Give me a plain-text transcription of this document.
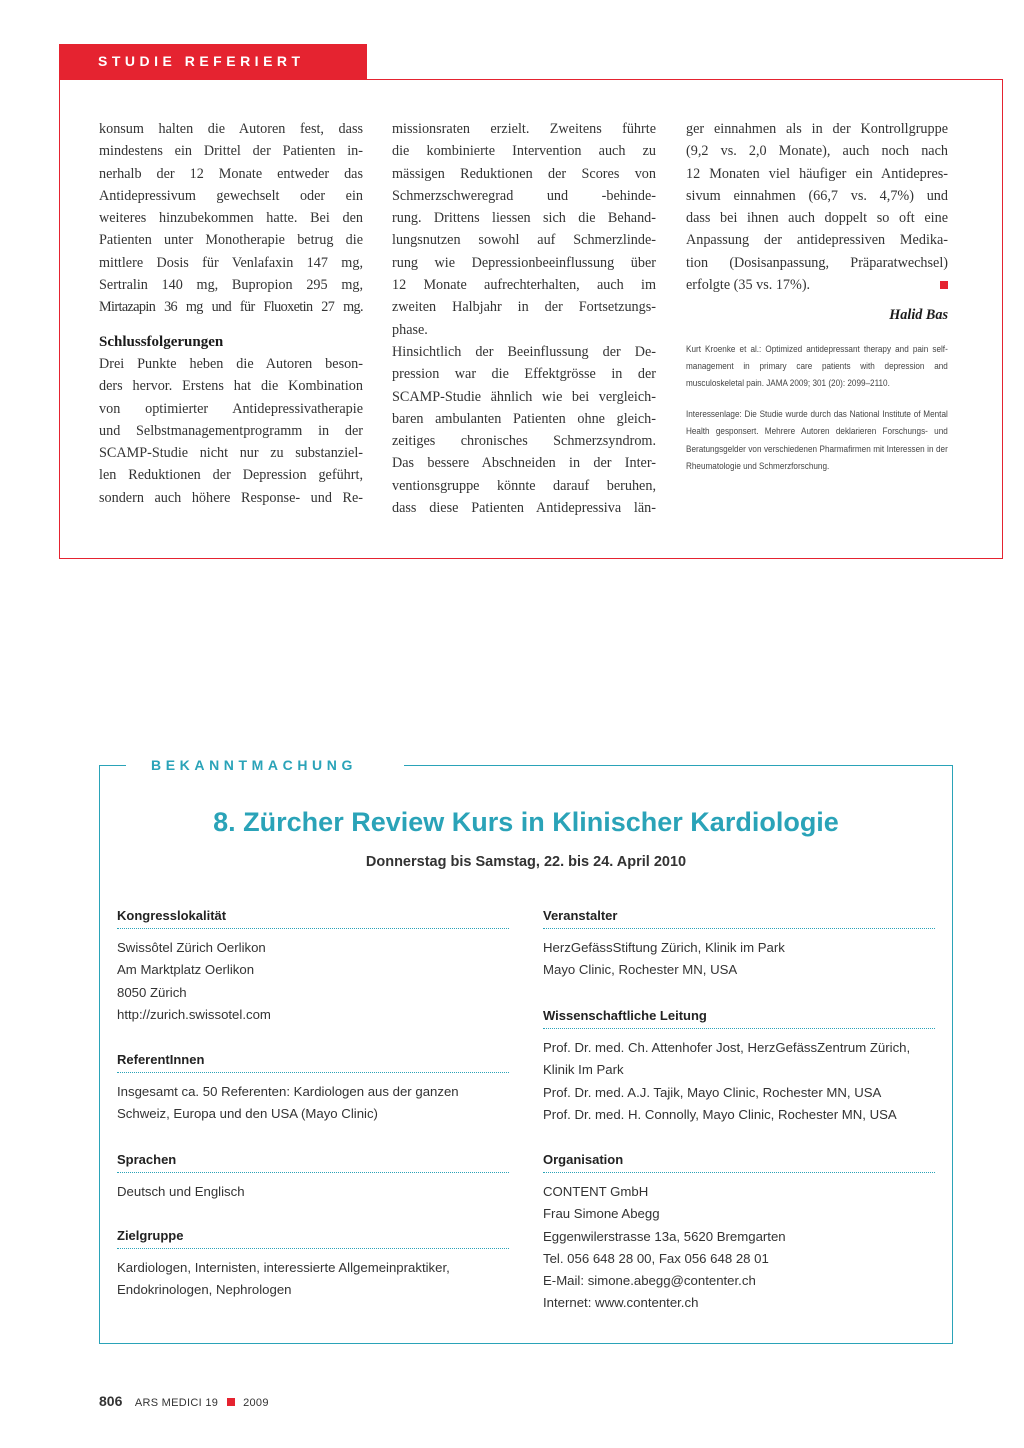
STUDIE REFERIERT
konsum halten die Autoren fest, dass
mindestens ein Drittel der Patienten in-
nerhalb der 12 Monate entweder das
Antidepressivum gewechselt oder ein
weiteres hinzubekommen hatte. Bei den
Patienten unter Monotherapie betrug die
mittlere Dosis für Venlafaxin 147 mg,
Sertralin 140 mg, Bupropion 295 mg,
Mirtazapin 36 mg und für Fluoxetin 27 mg.

Schlussfolgerungen

Drei Punkte heben die Autoren beson-
ders hervor. Erstens hat die Kombination
von optimierter Antidepressivatherapie
und Selbstmanagementprogramm in der
SCAMP-Studie nicht nur zu substanziel-
len Reduktionen der Depression geführt,
sondern auch höhere Response- und Re-
missionsraten erzielt. Zweitens führte
die kombinierte Intervention auch zu
mässigen Reduktionen der Scores von
Schmerzschweregrad und -behinde-
rung. Drittens liessen sich die Behand-
lungsnutzen sowohl auf Schmerzlinde-
rung wie Depressionbeeinflussung über
12 Monate aufrechterhalten, auch im
zweiten Halbjahr in der Fortsetzungs-
phase.
Hinsichtlich der Beeinflussung der De-
pression war die Effektgrösse in der
SCAMP-Studie ähnlich wie bei vergleich-
baren ambulanten Patienten ohne gleich-
zeitiges chronisches Schmerzsyndrom.
Das bessere Abschneiden in der Inter-
ventionsgruppe könnte darauf beruhen,
dass diese Patienten Antidepressiva län-
ger einnahmen als in der Kontrollgruppe
(9,2 vs. 2,0 Monate), auch noch nach
12 Monaten viel häufiger ein Antidepres-
sivum einnahmen (66,7 vs. 4,7%) und
dass bei ihnen auch doppelt so oft eine
Anpassung der antidepressiven Medika-
tion (Dosisanpassung, Präparatwechsel)
erfolgte (35 vs. 17%).

Halid Bas

Kurt Kroenke et al.: Optimized antidepressant therapy and pain self-management in primary care patients with depression and musculoskeletal pain. JAMA 2009; 301 (20): 2099–2110.

Interessenlage: Die Studie wurde durch das National Institute of Mental Health gesponsert. Mehrere Autoren deklarieren Forschungs- und Beratungsgelder von verschiedenen Pharmafirmen mit Interessen in der Rheumatologie und Schmerzforschung.

BEKANNTMACHUNG
8. Zürcher Review Kurs in Klinischer Kardiologie
Donnerstag bis Samstag, 22. bis 24. April 2010
Kongresslokalität
Swissôtel Zürich Oerlikon
Am Marktplatz Oerlikon
8050 Zürich
http://zurich.swissotel.com
ReferentInnen
Insgesamt ca. 50 Referenten: Kardiologen aus der ganzen
Schweiz, Europa und den USA (Mayo Clinic)
Sprachen
Deutsch und Englisch
Zielgruppe
Kardiologen, Internisten, interessierte Allgemeinpraktiker,
Endokrinologen, Nephrologen
Veranstalter
HerzGefässStiftung Zürich, Klinik im Park
Mayo Clinic, Rochester MN, USA
Wissenschaftliche Leitung
Prof. Dr. med. Ch. Attenhofer Jost, HerzGefässZentrum Zürich,
Klinik Im Park
Prof. Dr. med. A.J. Tajik, Mayo Clinic, Rochester MN, USA
Prof. Dr. med. H. Connolly, Mayo Clinic, Rochester MN, USA
Organisation
CONTENT GmbH
Frau Simone Abegg
Eggenwilerstrasse 13a, 5620 Bremgarten
Tel. 056 648 28 00, Fax 056 648 28 01
E-Mail: simone.abegg@contenter.ch
Internet: www.contenter.ch
806 ARS MEDICI 19 2009
